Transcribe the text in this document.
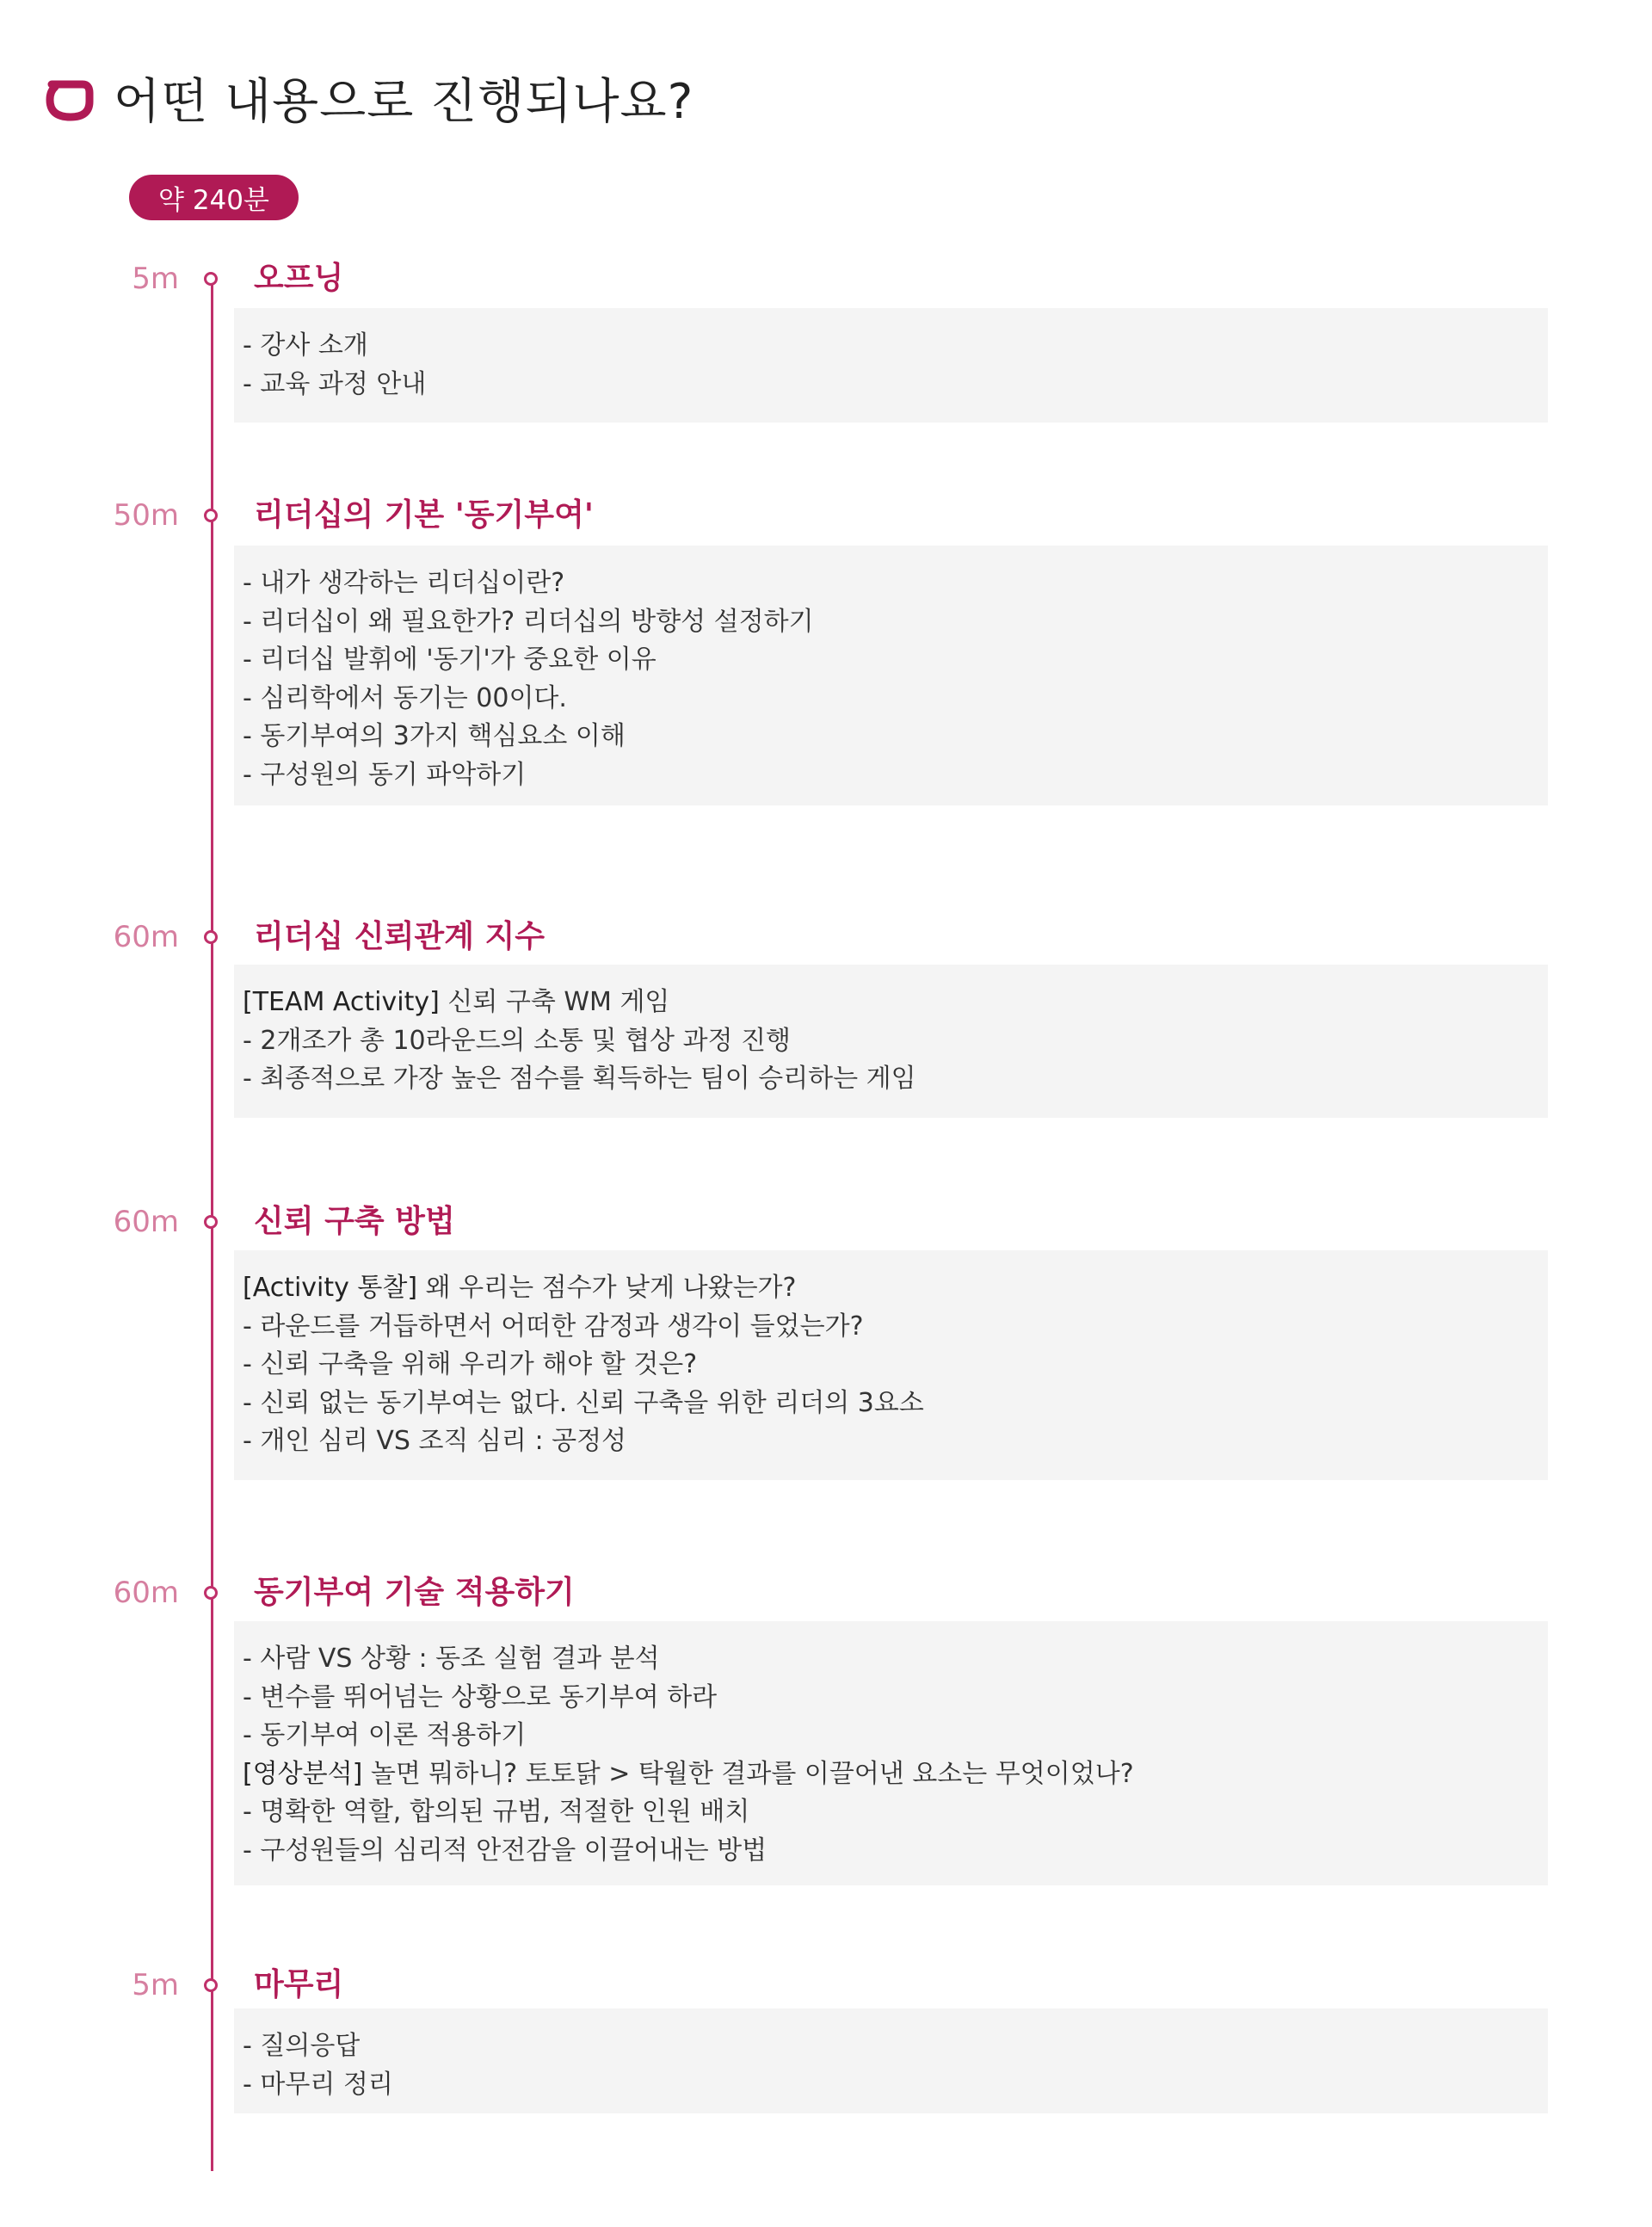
어떤 내용으로 진행되나요?
약 240분
5m 오프닝
- 강사 소개
- 교육 과정 안내
50m 리더십의 기본 '동기부여'
- 내가 생각하는 리더십이란?
- 리더십이 왜 필요한가? 리더십의 방향성 설정하기
- 리더십 발휘에 '동기'가 중요한 이유
- 심리학에서 동기는 00이다.
- 동기부여의 3가지 핵심요소 이해
- 구성원의 동기 파악하기
60m 리더십 신뢰관계 지수
[TEAM Activity] 신뢰 구축 WM 게임
- 2개조가 총 10라운드의 소통 및 협상 과정 진행
- 최종적으로 가장 높은 점수를 획득하는 팀이 승리하는 게임
60m 신뢰 구축 방법
[Activity 통찰] 왜 우리는 점수가 낮게 나왔는가?
- 라운드를 거듭하면서 어떠한 감정과 생각이 들었는가?
- 신뢰 구축을 위해 우리가 해야 할 것은?
- 신뢰 없는 동기부여는 없다. 신뢰 구축을 위한 리더의 3요소
- 개인 심리 VS 조직 심리 : 공정성
60m 동기부여 기술 적용하기
- 사람 VS 상황 : 동조 실험 결과 분석
- 변수를 뛰어넘는 상황으로 동기부여 하라
- 동기부여 이론 적용하기
[영상분석] 놀면 뭐하니? 토토닭 > 탁월한 결과를 이끌어낸 요소는 무엇이었나?
- 명확한 역할, 합의된 규범, 적절한 인원 배치
- 구성원들의 심리적 안전감을 이끌어내는 방법
5m 마무리
- 질의응답
- 마무리 정리
